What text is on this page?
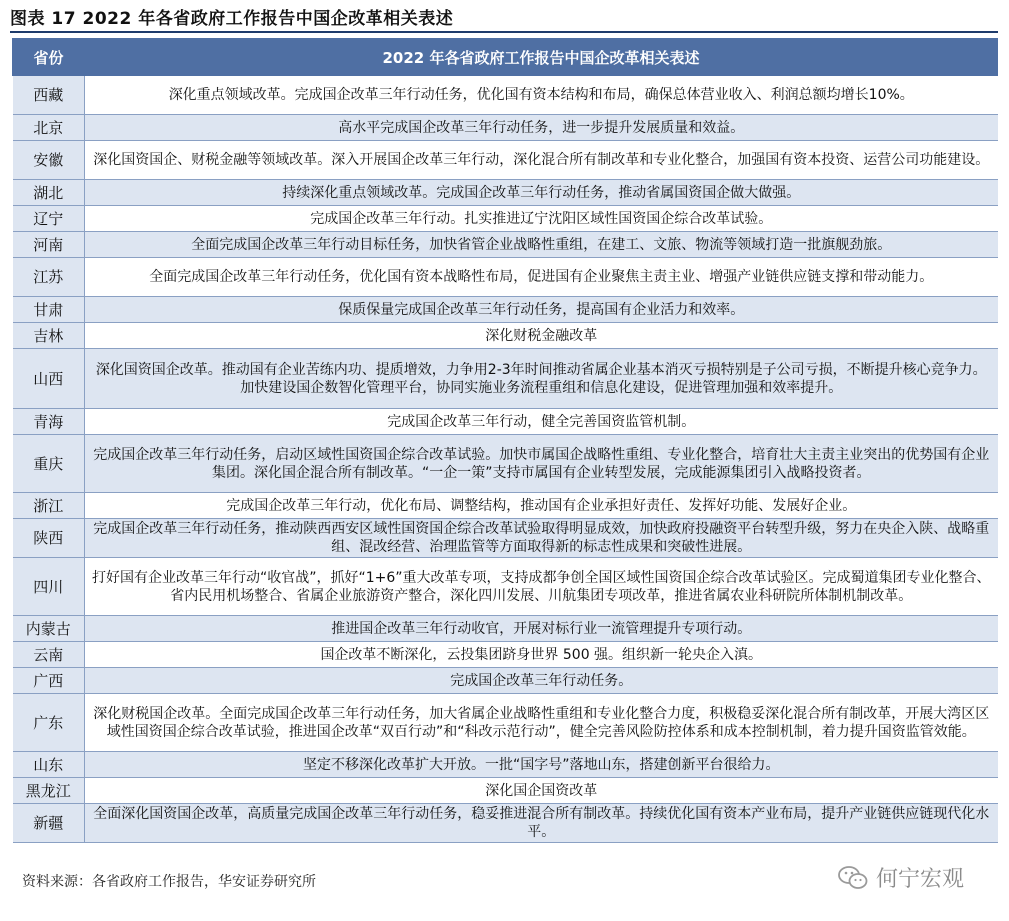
图表 17 2022 年各省政府工作报告中国企改革相关表述
省份	2022 年各省政府工作报告中国企改革相关表述
西藏	深化重点领域改革。完成国企改革三年行动任务，优化国有资本结构和布局，确保总体营业收入、利润总额均增长10%。
北京	高水平完成国企改革三年行动任务，进一步提升发展质量和效益。
安徽	深化国资国企、财税金融等领域改革。深入开展国企改革三年行动，深化混合所有制改革和专业化整合，加强国有资本投资、运营公司功能建设。
湖北	持续深化重点领域改革。完成国企改革三年行动任务，推动省属国资国企做大做强。
辽宁	完成国企改革三年行动。扎实推进辽宁沈阳区域性国资国企综合改革试验。
河南	全面完成国企改革三年行动目标任务，加快省管企业战略性重组，在建工、文旅、物流等领域打造一批旗舰劲旅。
江苏	全面完成国企改革三年行动任务，优化国有资本战略性布局，促进国有企业聚焦主责主业、增强产业链供应链支撑和带动能力。
甘肃	保质保量完成国企改革三年行动任务，提高国有企业活力和效率。
吉林	深化财税金融改革
山西	深化国资国企改革。推动国有企业苦练内功、提质增效，力争用2-3年时间推动省属企业基本消灭亏损特别是子公司亏损，不断提升核心竞争力。加快建设国企数智化管理平台，协同实施业务流程重组和信息化建设，促进管理加强和效率提升。
青海	完成国企改革三年行动，健全完善国资监管机制。
重庆	完成国企改革三年行动任务，启动区域性国资国企综合改革试验。加快市属国企战略性重组、专业化整合，培育壮大主责主业突出的优势国有企业集团。深化国企混合所有制改革。“一企一策”支持市属国有企业转型发展，完成能源集团引入战略投资者。
浙江	完成国企改革三年行动，优化布局、调整结构，推动国有企业承担好责任、发挥好功能、发展好企业。
陕西	完成国企改革三年行动任务，推动陕西西安区域性国资国企综合改革试验取得明显成效，加快政府投融资平台转型升级，努力在央企入陕、战略重组、混改经营、治理监管等方面取得新的标志性成果和突破性进展。
四川	打好国有企业改革三年行动“收官战”，抓好“1+6”重大改革专项，支持成都争创全国区域性国资国企综合改革试验区。完成蜀道集团专业化整合、省内民用机场整合、省属企业旅游资产整合，深化四川发展、川航集团专项改革，推进省属农业科研院所体制机制改革。
内蒙古	推进国企改革三年行动收官，开展对标行业一流管理提升专项行动。
云南	国企改革不断深化，云投集团跻身世界 500 强。组织新一轮央企入滇。
广西	完成国企改革三年行动任务。
广东	深化财税国企改革。全面完成国企改革三年行动任务，加大省属企业战略性重组和专业化整合力度，积极稳妥深化混合所有制改革，开展大湾区区域性国资国企综合改革试验，推进国企改革“双百行动”和“科改示范行动”，健全完善风险防控体系和成本控制机制，着力提升国资监管效能。
山东	坚定不移深化改革扩大开放。一批“国字号”落地山东，搭建创新平台很给力。
黑龙江	深化国企国资改革
新疆	全面深化国资国企改革，高质量完成国企改革三年行动任务，稳妥推进混合所有制改革。持续优化国有资本产业布局，提升产业链供应链现代化水平。
资料来源：各省政府工作报告，华安证券研究所	何宁宏观
